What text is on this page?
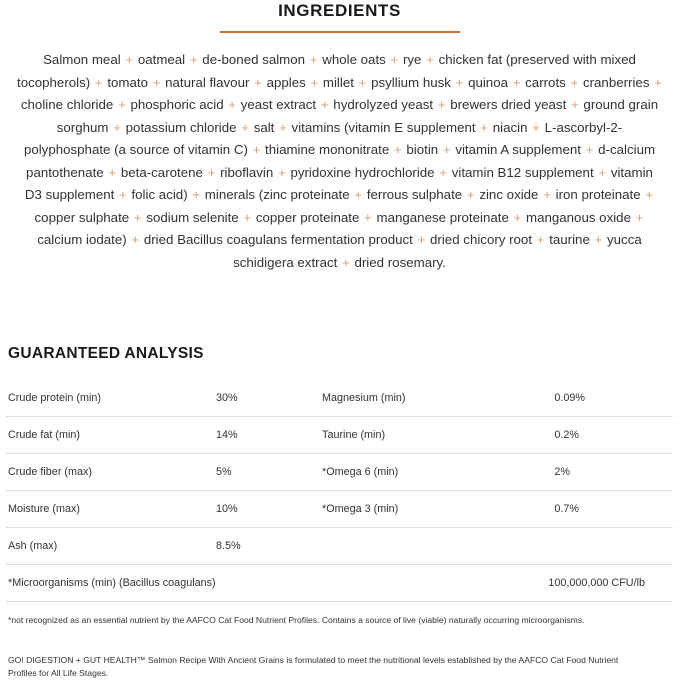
INGREDIENTS

Salmon meal + oatmeal + de-boned salmon + whole oats + rye + chicken fat (preserved with mixed tocopherols) + tomato + natural flavour + apples + millet + psyllium husk + quinoa + carrots + cranberries + choline chloride + phosphoric acid + yeast extract + hydrolyzed yeast + brewers dried yeast + ground grain sorghum + potassium chloride + salt + vitamins (vitamin E supplement + niacin + L-ascorbyl-2-polyphosphate (a source of vitamin C) + thiamine mononitrate + biotin + vitamin A supplement + d-calcium pantothenate + beta-carotene + riboflavin + pyridoxine hydrochloride + vitamin B12 supplement + vitamin D3 supplement + folic acid) + minerals (zinc proteinate + ferrous sulphate + zinc oxide + iron proteinate + copper sulphate + sodium selenite + copper proteinate + manganese proteinate + manganous oxide + calcium iodate) + dried Bacillus coagulans fermentation product + dried chicory root + taurine + yucca schidigera extract + dried rosemary.

GUARANTEED ANALYSIS
Crude protein (min)	30%	Magnesium (min)	0.09%
Crude fat (min)	14%	Taurine (min)	0.2%
Crude fiber (max)	5%	*Omega 6 (min)	2%
Moisture (max)	10%	*Omega 3 (min)	0.7%
Ash (max)	8.5%		
*Microorganisms (min) (Bacillus coagulans)		100,000,000 CFU/lb	

*not recognized as an essential nutrient by the AAFCO Cat Food Nutrient Profiles. Contains a source of live (viable) naturally occurring microorganisms.

GO! DIGESTION + GUT HEALTH™ Salmon Recipe With Ancient Grains is formulated to meet the nutritional levels established by the AAFCO Cat Food Nutrient Profiles for All Life Stages.
